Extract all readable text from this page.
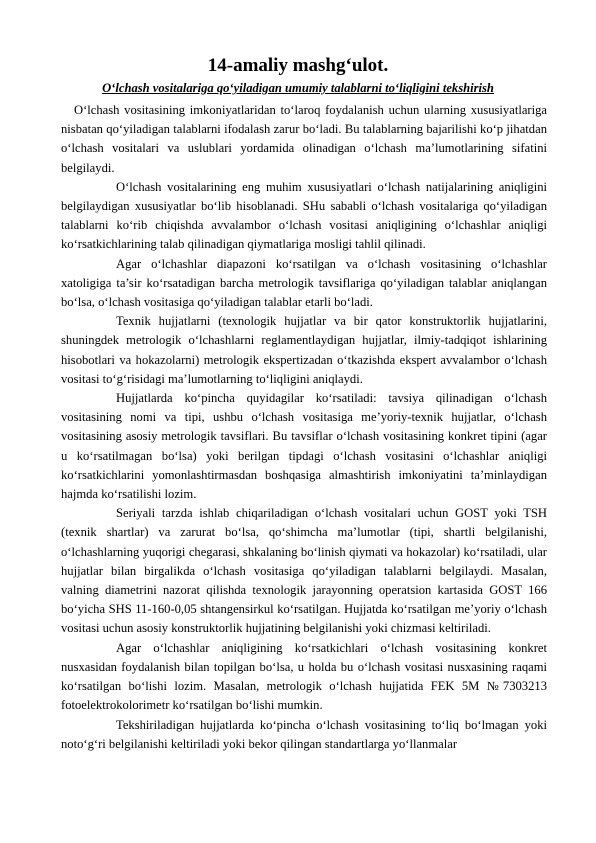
14-amaliy mashg‘ulot.
O‘lchash vositalariga qo‘yiladigan umumiy talablarni to‘liqligini tekshirish

O‘lchash vositasining imkoniyatlaridan to‘laroq foydalanish uchun ularning xususiyatlariga nisbatan qo‘yiladigan talablarni ifodalash zarur bo‘ladi. Bu talablarning bajarilishi ko‘p jihatdan o‘lchash vositalari va uslublari yordamida olinadigan o‘lchash ma’lumotlarining sifatini belgilaydi.

O‘lchash vositalarining eng muhim xususiyatlari o‘lchash natijalarining aniqligini belgilaydigan xususiyatlar bo‘lib hisoblanadi. SHu sababli o‘lchash vositalariga qo‘yiladigan talablarni ko‘rib chiqishda avvalambor o‘lchash vositasi aniqligining o‘lchashlar aniqligi ko‘rsatkichlarining talab qilinadigan qiymatlariga mosligi tahlil qilinadi.

Agar o‘lchashlar diapazoni ko‘rsatilgan va o‘lchash vositasining o‘lchashlar xatoligiga ta’sir ko‘rsatadigan barcha metrologik tavsiflariga qo‘yiladigan talablar aniqlangan bo‘lsa, o‘lchash vositasiga qo‘yiladigan talablar etarli bo‘ladi.

Texnik hujjatlarni (texnologik hujjatlar va bir qator konstruktorlik hujjatlarini, shuningdek metrologik o‘lchashlarni reglamentlaydigan hujjatlar, ilmiy-tadqiqot ishlarining hisobotlari va hokazolarni) metrologik ekspertizadan o‘tkazishda ekspert avvalambor o‘lchash vositasi to‘g‘risidagi ma’lumotlarning to‘liqligini aniqlaydi.

Hujjatlarda ko‘pincha quyidagilar ko‘rsatiladi: tavsiya qilinadigan o‘lchash vositasining nomi va tipi, ushbu o‘lchash vositasiga me’yoriy-texnik hujjatlar, o‘lchash vositasining asosiy metrologik tavsiflari. Bu tavsiflar o‘lchash vositasining konkret tipini (agar u ko‘rsatilmagan bo‘lsa) yoki berilgan tipdagi o‘lchash vositasini o‘lchashlar aniqligi ko‘rsatkichlarini yomonlashtirmasdan boshqasiga almashtirish imkoniyatini ta’minlaydigan hajmda ko‘rsatilishi lozim.

Seriyali tarzda ishlab chiqariladigan o‘lchash vositalari uchun GOST yoki TSH (texnik shartlar) va zarurat bo‘lsa, qo‘shimcha ma’lumotlar (tipi, shartli belgilanishi, o‘lchashlarning yuqorigi chegarasi, shkalaning bo‘linish qiymati va hokazolar) ko‘rsatiladi, ular hujjatlar bilan birgalikda o‘lchash vositasiga qo‘yiladigan talablarni belgilaydi. Masalan, valning diametrini nazorat qilishda texnologik jarayonning operatsion kartasida GOST 166 bo‘yicha SHS 11-160-0,05 shtangensirkul ko‘rsatilgan. Hujjatda ko‘rsatilgan me’yoriy o‘lchash vositasi uchun asosiy konstruktorlik hujjatining belgilanishi yoki chizmasi keltiriladi.

Agar o‘lchashlar aniqligining ko‘rsatkichlari o‘lchash vositasining konkret nusxasidan foydalanish bilan topilgan bo‘lsa, u holda bu o‘lchash vositasi nusxasining raqami ko‘rsatilgan bo‘lishi lozim. Masalan, metrologik o‘lchash hujjatida FEK 5M №7303213 fotoelektrokolorimetr ko‘rsatilgan bo‘lishi mumkin.

Tekshiriladigan hujjatlarda ko‘pincha o‘lchash vositasining to‘liq bo‘lmagan yoki noto‘g‘ri belgilanishi keltiriladi yoki bekor qilingan standartlarga yo‘llanmalar
